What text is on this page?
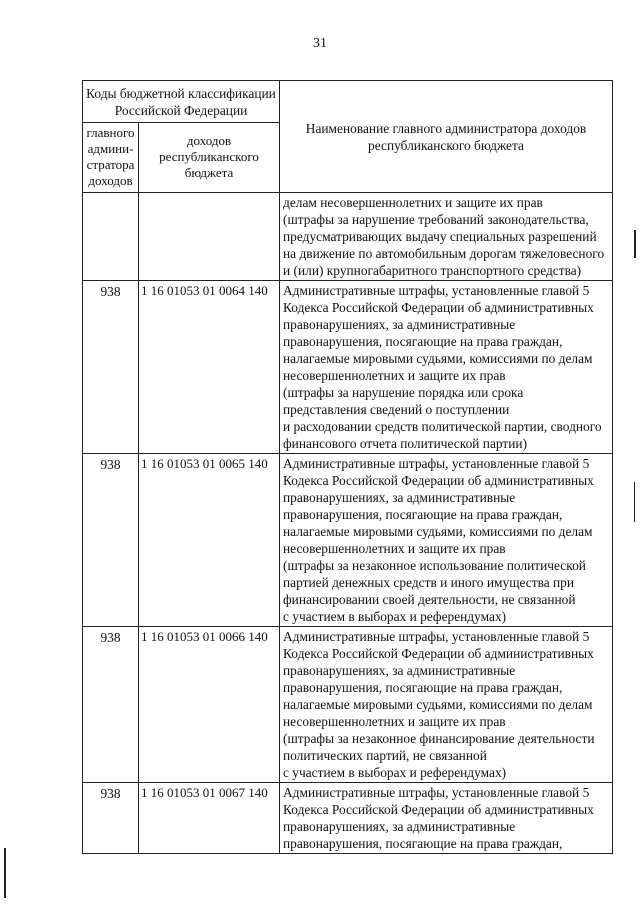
31
Коды бюджетной классификации Российской Федерации		Наименование главного администратора доходов республиканского бюджета
главного админи-стратора доходов	доходов республиканского бюджета	
		делам несовершеннолетних и защите их прав
(штрафы за нарушение требований законодательства, предусматривающих выдачу специальных разрешений на движение по автомобильным дорогам тяжеловесного и (или) крупногабаритного транспортного средства)
938	1 16 01053 01 0064 140	Административные штрафы, установленные главой 5 Кодекса Российской Федерации об административных правонарушениях, за административные правонарушения, посягающие на права граждан, налагаемые мировыми судьями, комиссиями по делам несовершеннолетних и защите их прав
(штрафы за нарушение порядка или срока представления сведений о поступлении
и расходовании средств политической партии, сводного финансового отчета политической партии)
938	1 16 01053 01 0065 140	Административные штрафы, установленные главой 5 Кодекса Российской Федерации об административных правонарушениях, за административные правонарушения, посягающие на права граждан, налагаемые мировыми судьями, комиссиями по делам несовершеннолетних и защите их прав
(штрафы за незаконное использование политической партией денежных средств и иного имущества при финансировании своей деятельности, не связанной
с участием в выборах и референдумах)
938	1 16 01053 01 0066 140	Административные штрафы, установленные главой 5 Кодекса Российской Федерации об административных правонарушениях, за административные правонарушения, посягающие на права граждан, налагаемые мировыми судьями, комиссиями по делам несовершеннолетних и защите их прав
(штрафы за незаконное финансирование деятельности политических партий, не связанной
с участием в выборах и референдумах)
938	1 16 01053 01 0067 140	Административные штрафы, установленные главой 5 Кодекса Российской Федерации об административных правонарушениях, за административные правонарушения, посягающие на права граждан,
